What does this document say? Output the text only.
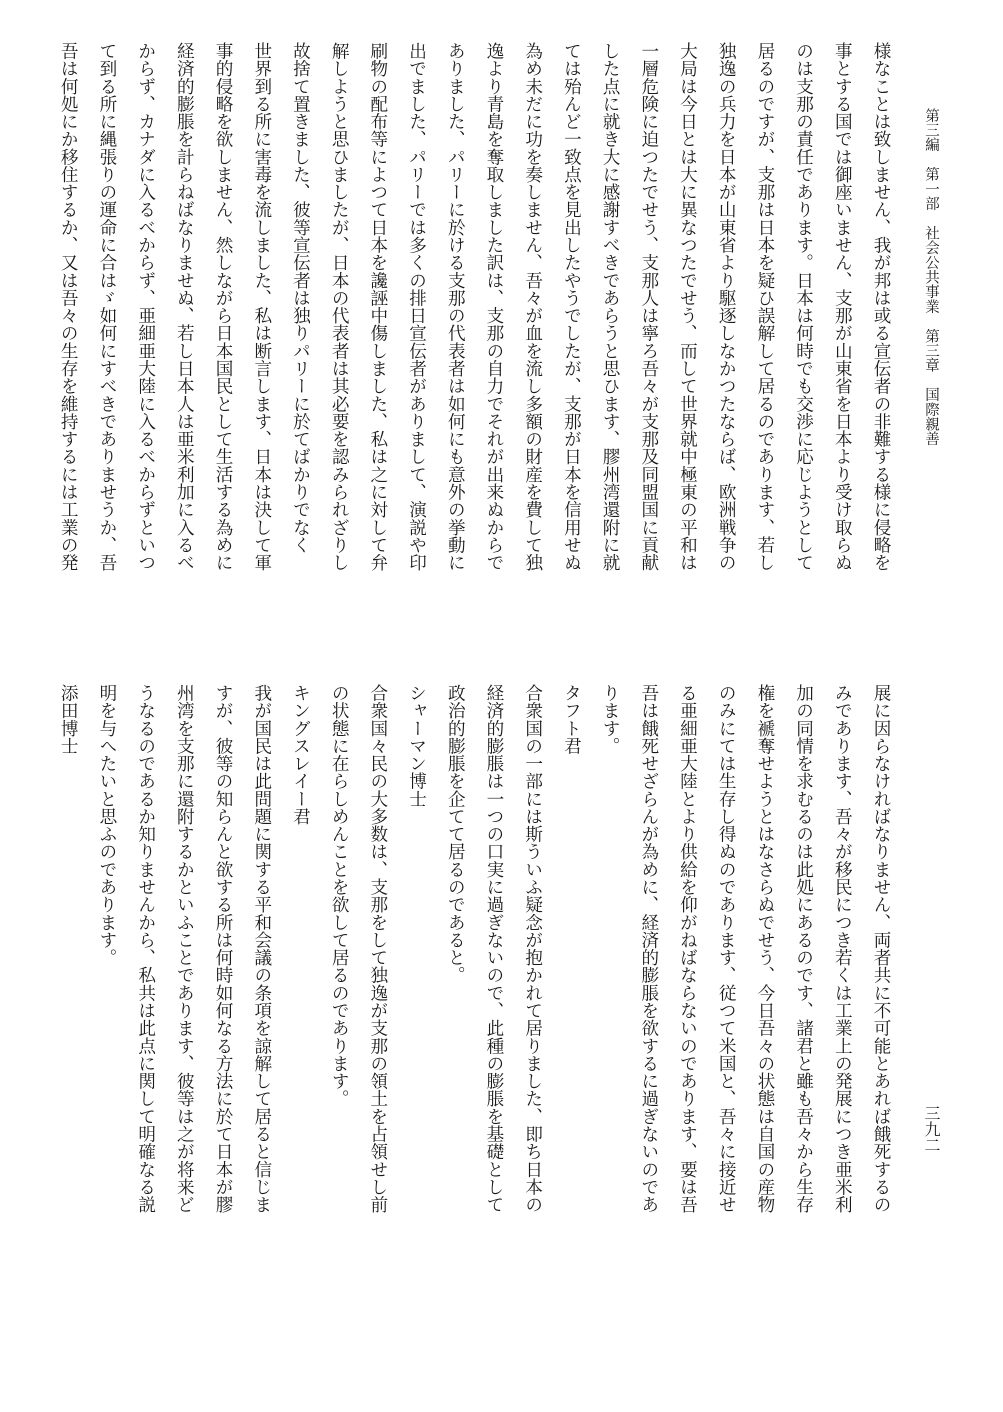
第三編　第一部　社会公共事業　第三章　国際親善
三九二
様なことは致しません、我が邦は或る宣伝者の非難する様に侵略を
事とする国では御座いません、支那が山東省を日本より受け取らぬ
のは支那の責任であります。日本は何時でも交渉に応じようとして
居るのですが、支那は日本を疑ひ誤解して居るのであります、若し
独逸の兵力を日本が山東省より駆逐しなかつたならば、欧洲戦争の
大局は今日とは大に異なつたでせう、而して世界就中極東の平和は
一層危険に迫つたでせう、支那人は寧ろ吾々が支那及同盟国に貢献
した点に就き大に感謝すべきであらうと思ひます、膠州湾還附に就
ては殆んど一致点を見出したやうでしたが、支那が日本を信用せぬ
為め未だに功を奏しません、吾々が血を流し多額の財産を費して独
逸より青島を奪取しました訳は、支那の自力でそれが出来ぬからで
ありました、パリーに於ける支那の代表者は如何にも意外の挙動に
出でました、パリーでは多くの排日宣伝者がありまして、演説や印
刷物の配布等によつて日本を讒誣中傷しました、私は之に対して弁
解しようと思ひましたが、日本の代表者は其必要を認みられざりし
故捨て置きました、彼等宣伝者は独りパリーに於てばかりでなく
世界到る所に害毒を流しました、私は断言します、日本は決して軍
事的侵略を欲しません、然しながら日本国民として生活する為めに
経済的膨脹を計らねばなりませぬ、若し日本人は亜米利加に入るべ
からず、カナダに入るべからず、亜細亜大陸に入るべからずといつ
て到る所に縄張りの運命に合はゞ如何にすべきでありませうか、吾
吾は何処にか移住するか、又は吾々の生存を維持するには工業の発
展に因らなければなりません、両者共に不可能とあれば餓死するの
みであります、吾々が移民につき若くは工業上の発展につき亜米利
加の同情を求むるのは此処にあるのです、諸君と雖も吾々から生存
権を褫奪せようとはなさらぬでせう、今日吾々の状態は自国の産物
のみにては生存し得ぬのであります、従つて米国と、吾々に接近せ
る亜細亜大陸とより供給を仰がねばならないのであります、要は吾
吾は餓死せざらんが為めに、経済的膨脹を欲するに過ぎないのであ
ります。
タフト君
合衆国の一部には斯ういふ疑念が抱かれて居りました、即ち日本の
経済的膨脹は一つの口実に過ぎないので、此種の膨脹を基礎として
政治的膨脹を企てて居るのであると。
シャーマン博士
合衆国々民の大多数は、支那をして独逸が支那の領土を占領せし前
の状態に在らしめんことを欲して居るのであります。
キングスレイー君
我が国民は此問題に関する平和会議の条項を諒解して居ると信じま
すが、彼等の知らんと欲する所は何時如何なる方法に於て日本が膠
州湾を支那に還附するかといふことであります、彼等は之が将来ど
うなるのであるか知りませんから、私共は此点に関して明確なる説
明を与へたいと思ふのであります。
添田博士
